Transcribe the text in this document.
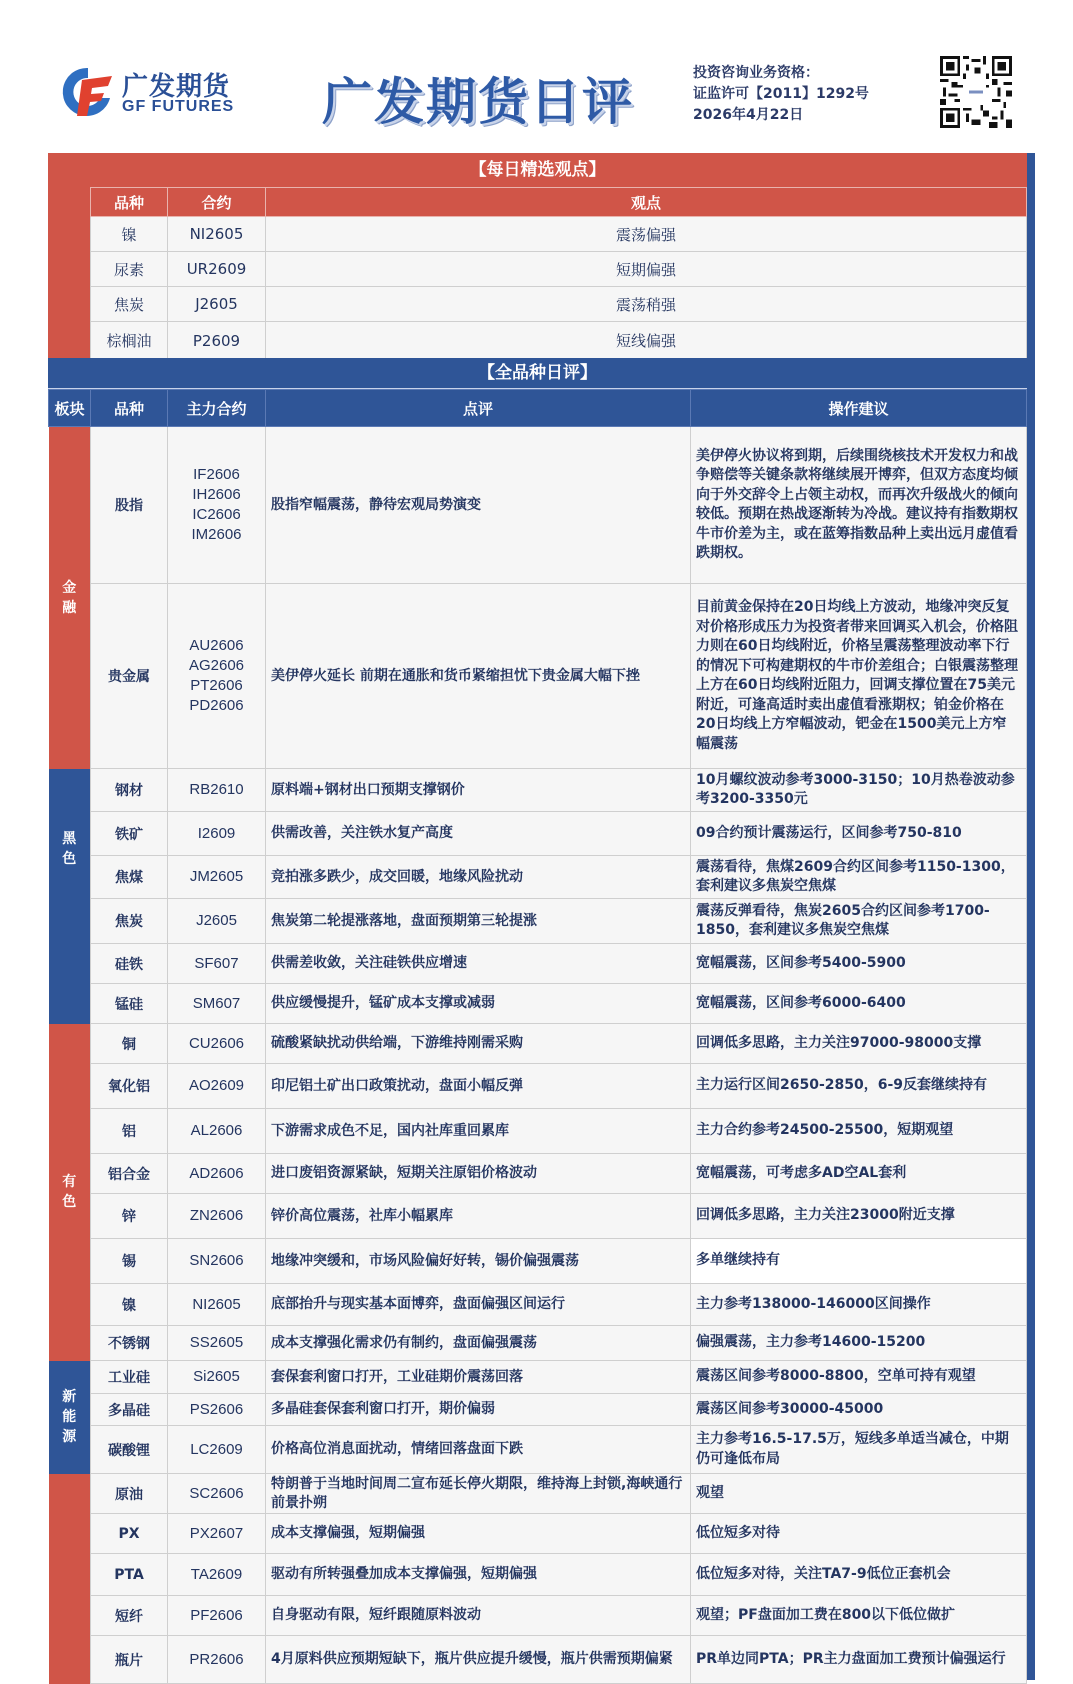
广发期货
GF FUTURES 广发期货日评	投资咨询业务资格：
证监许可【2011】1292号
2026年4月22日
【每日精选观点】
品种	合约	观点
镍	NI2605	震荡偏强
尿素	UR2609	短期偏强
焦炭	J2605	震荡稍强
棕榈油	P2609	短线偏强
【全品种日评】
板块	品种	主力合约	点评	操作建议
金融	股指	IF2606
IH2606
IC2606
IM2606	股指窄幅震荡，静待宏观局势演变	美伊停火协议将到期，后续围绕核技术开发权力和战争赔偿等关键条款将继续展开博弈，但双方态度均倾向于外交辞令上占领主动权，而再次升级战火的倾向较低。预期在热战逐渐转为冷战。建议持有指数期权牛市价差为主，或在蓝筹指数品种上卖出远月虚值看跌期权。
	贵金属	AU2606
AG2606
PT2606
PD2606	美伊停火延长 前期在通胀和货币紧缩担忧下贵金属大幅下挫	目前黄金保持在20日均线上方波动，地缘冲突反复对价格形成压力为投资者带来回调买入机会，价格阻力则在60日均线附近，价格呈震荡整理波动率下行的情况下可构建期权的牛市价差组合；白银震荡整理上方在60日均线附近阻力，回调支撑位置在75美元附近，可逢高适时卖出虚值看涨期权；铂金价格在20日均线上方窄幅波动，钯金在1500美元上方窄幅震荡
黑色	钢材	RB2610	原料端+钢材出口预期支撑钢价	10月螺纹波动参考3000-3150；10月热卷波动参考3200-3350元
	铁矿	I2609	供需改善，关注铁水复产高度	09合约预计震荡运行，区间参考750-810
	焦煤	JM2605	竞拍涨多跌少，成交回暖，地缘风险扰动	震荡看待，焦煤2609合约区间参考1150-1300，套利建议多焦炭空焦煤
	焦炭	J2605	焦炭第二轮提涨落地，盘面预期第三轮提涨	震荡反弹看待，焦炭2605合约区间参考1700-1850，套利建议多焦炭空焦煤
	硅铁	SF607	供需差收敛，关注硅铁供应增速	宽幅震荡，区间参考5400-5900
	锰硅	SM607	供应缓慢提升，锰矿成本支撑或减弱	宽幅震荡，区间参考6000-6400
有色	铜	CU2606	硫酸紧缺扰动供给端，下游维持刚需采购	回调低多思路，主力关注97000-98000支撑
	氧化铝	AO2609	印尼铝土矿出口政策扰动，盘面小幅反弹	主力运行区间2650-2850，6-9反套继续持有
	铝	AL2606	下游需求成色不足，国内社库重回累库	主力合约参考24500-25500，短期观望
	铝合金	AD2606	进口废铝资源紧缺，短期关注原铝价格波动	宽幅震荡，可考虑多AD空AL套利
	锌	ZN2606	锌价高位震荡，社库小幅累库	回调低多思路，主力关注23000附近支撑
	锡	SN2606	地缘冲突缓和，市场风险偏好好转，锡价偏强震荡	多单继续持有
	镍	NI2605	底部抬升与现实基本面博弈，盘面偏强区间运行	主力参考138000-146000区间操作
	不锈钢	SS2605	成本支撑强化需求仍有制约，盘面偏强震荡	偏强震荡，主力参考14600-15200
新能源	工业硅	Si2605	套保套利窗口打开，工业硅期价震荡回落	震荡区间参考8000-8800，空单可持有观望
	多晶硅	PS2606	多晶硅套保套利窗口打开，期价偏弱	震荡区间参考30000-45000
	碳酸锂	LC2609	价格高位消息面扰动，情绪回落盘面下跌	主力参考16.5-17.5万，短线多单适当减仓，中期仍可逢低布局
	原油	SC2606	特朗普于当地时间周二宣布延长停火期限，维持海上封锁,海峡通行前景扑朔	观望
	PX	PX2607	成本支撑偏强，短期偏强	低位短多对待
	PTA	TA2609	驱动有所转强叠加成本支撑偏强，短期偏强	低位短多对待，关注TA7-9低位正套机会
	短纤	PF2606	自身驱动有限，短纤跟随原料波动	观望；PF盘面加工费在800以下低位做扩
	瓶片	PR2606	4月原料供应预期短缺下，瓶片供应提升缓慢，瓶片供需预期偏紧	PR单边同PTA；PR主力盘面加工费预计偏强运行
